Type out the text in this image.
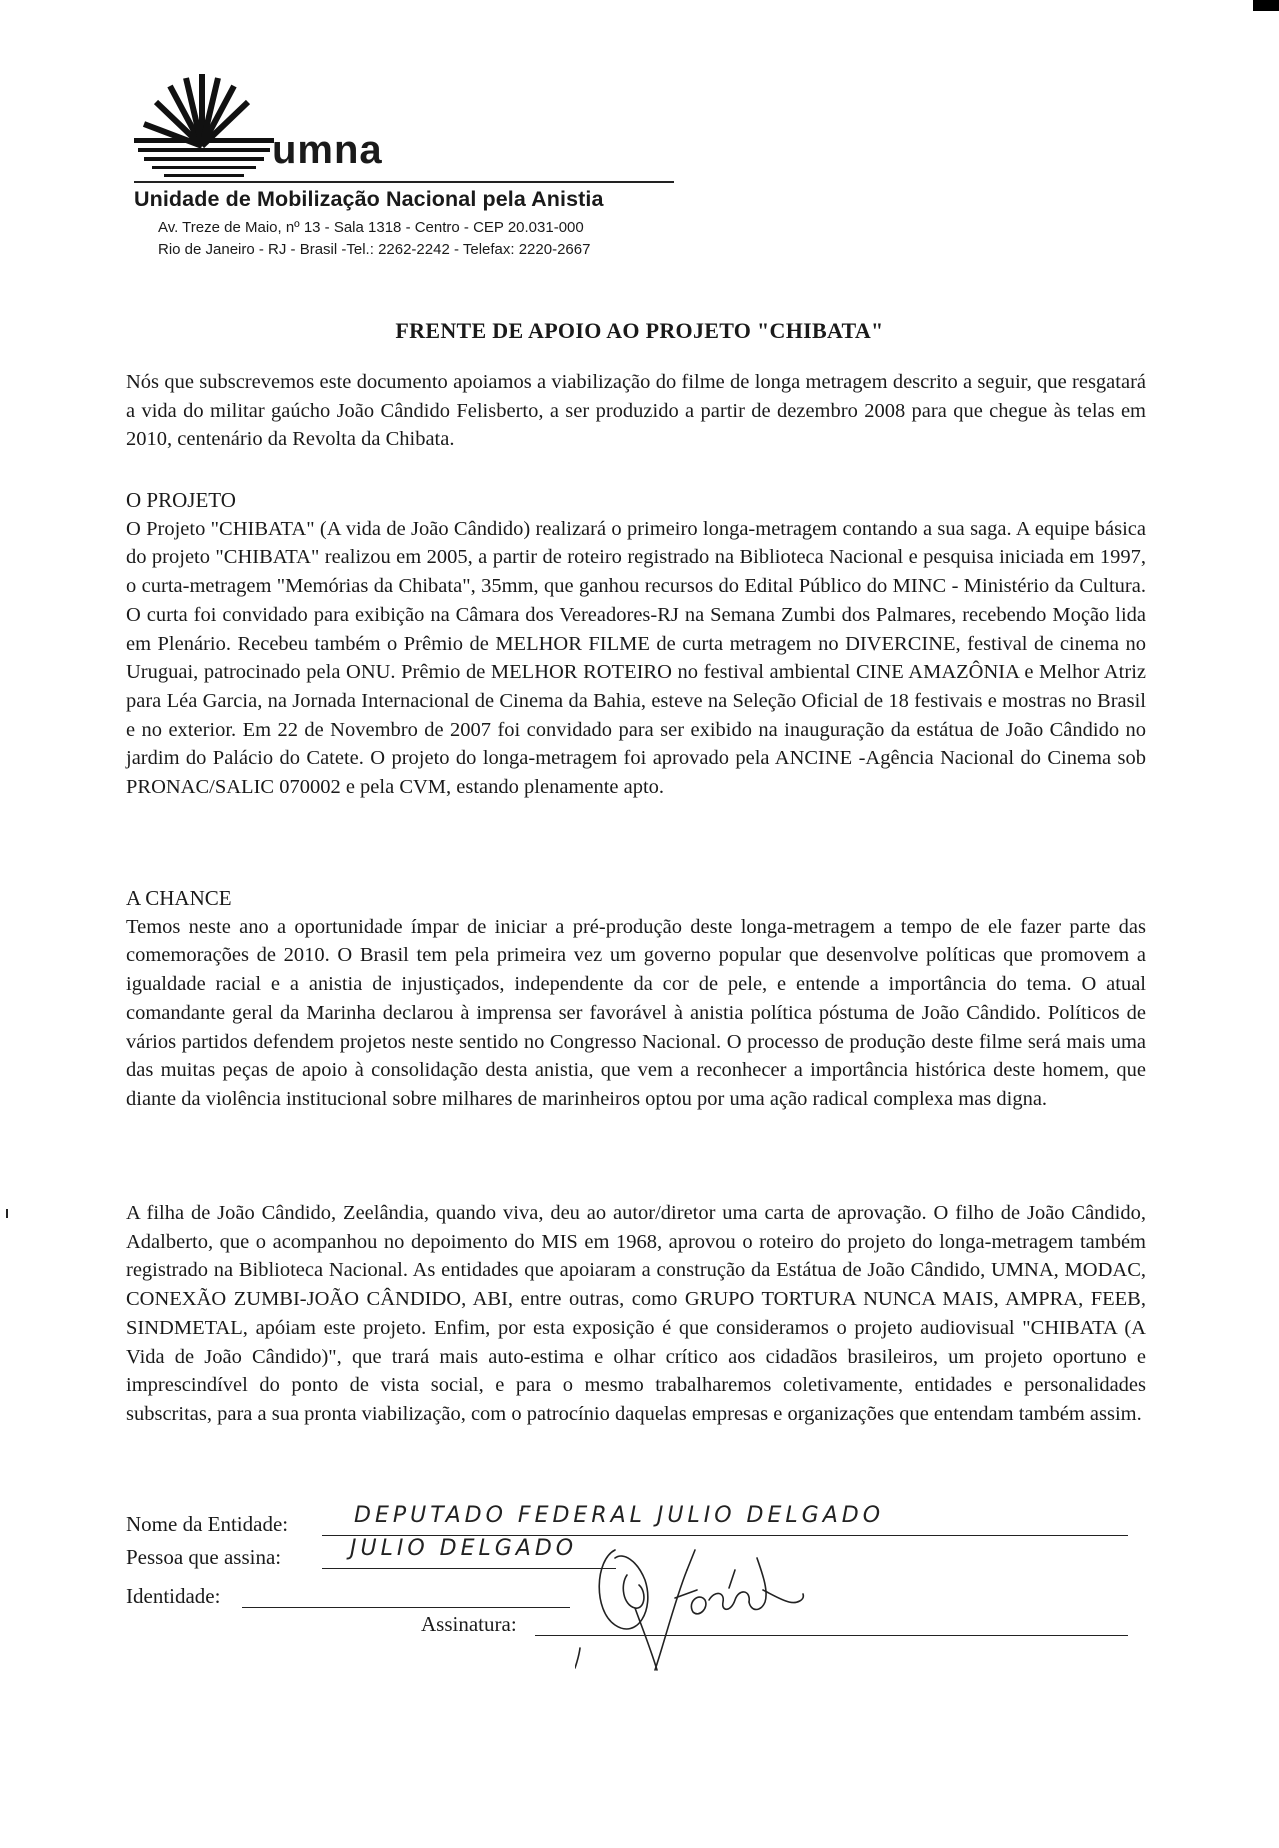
umna
Unidade de Mobilização Nacional pela Anistia
Av. Treze de Maio, nº 13 - Sala 1318 - Centro - CEP 20.031-000
Rio de Janeiro - RJ - Brasil -Tel.: 2262-2242 - Telefax: 2220-2667
FRENTE DE APOIO AO PROJETO "CHIBATA"

Nós que subscrevemos este documento apoiamos a viabilização do filme de longa metragem descrito a seguir, que resgatará a vida do militar gaúcho João Cândido Felisberto, a ser produzido a partir de dezembro 2008 para que chegue às telas em 2010, centenário da Revolta da Chibata.

O PROJETO

O Projeto "CHIBATA" (A vida de João Cândido) realizará o primeiro longa-metragem contando a sua saga. A equipe básica do projeto "CHIBATA" realizou em 2005, a partir de roteiro registrado na Biblioteca Nacional e pesquisa iniciada em 1997, o curta-metragem "Memórias da Chibata", 35mm, que ganhou recursos do Edital Público do MINC - Ministério da Cultura. O curta foi convidado para exibição na Câmara dos Vereadores-RJ na Semana Zumbi dos Palmares, recebendo Moção lida em Plenário. Recebeu também o Prêmio de MELHOR FILME de curta metragem no DIVERCINE, festival de cinema no Uruguai, patrocinado pela ONU. Prêmio de MELHOR ROTEIRO no festival ambiental CINE AMAZÔNIA e Melhor Atriz para Léa Garcia, na Jornada Internacional de Cinema da Bahia, esteve na Seleção Oficial de 18 festivais e mostras no Brasil e no exterior. Em 22 de Novembro de 2007 foi convidado para ser exibido na inauguração da estátua de João Cândido no jardim do Palácio do Catete. O projeto do longa-metragem foi aprovado pela ANCINE -Agência Nacional do Cinema sob PRONAC/SALIC 070002 e pela CVM, estando plenamente apto.

A CHANCE

Temos neste ano a oportunidade ímpar de iniciar a pré-produção deste longa-metragem a tempo de ele fazer parte das comemorações de 2010. O Brasil tem pela primeira vez um governo popular que desenvolve políticas que promovem a igualdade racial e a anistia de injustiçados, independente da cor de pele, e entende a importância do tema. O atual comandante geral da Marinha declarou à imprensa ser favorável à anistia política póstuma de João Cândido. Políticos de vários partidos defendem projetos neste sentido no Congresso Nacional. O processo de produção deste filme será mais uma das muitas peças de apoio à consolidação desta anistia, que vem a reconhecer a importância histórica deste homem, que diante da violência institucional sobre milhares de marinheiros optou por uma ação radical complexa mas digna.

A filha de João Cândido, Zeelândia, quando viva, deu ao autor/diretor uma carta de aprovação. O filho de João Cândido, Adalberto, que o acompanhou no depoimento do MIS em 1968, aprovou o roteiro do projeto do longa-metragem também registrado na Biblioteca Nacional. As entidades que apoiaram a construção da Estátua de João Cândido, UMNA, MODAC, CONEXÃO ZUMBI-JOÃO CÂNDIDO, ABI, entre outras, como GRUPO TORTURA NUNCA MAIS, AMPRA, FEEB, SINDMETAL, apóiam este projeto. Enfim, por esta exposição é que consideramos o projeto audiovisual "CHIBATA (A Vida de João Cândido)", que trará mais auto-estima e olhar crítico aos cidadãos brasileiros, um projeto oportuno e imprescindível do ponto de vista social, e para o mesmo trabalharemos coletivamente, entidades e personalidades subscritas, para a sua pronta viabilização, com o patrocínio daquelas empresas e organizações que entendam também assim.

Nome da Entidade:	DEPUTADO FEDERAL JULIO DELGADO
Pessoa que assina:	JULIO DELGADO
Identidade:
Assinatura:
